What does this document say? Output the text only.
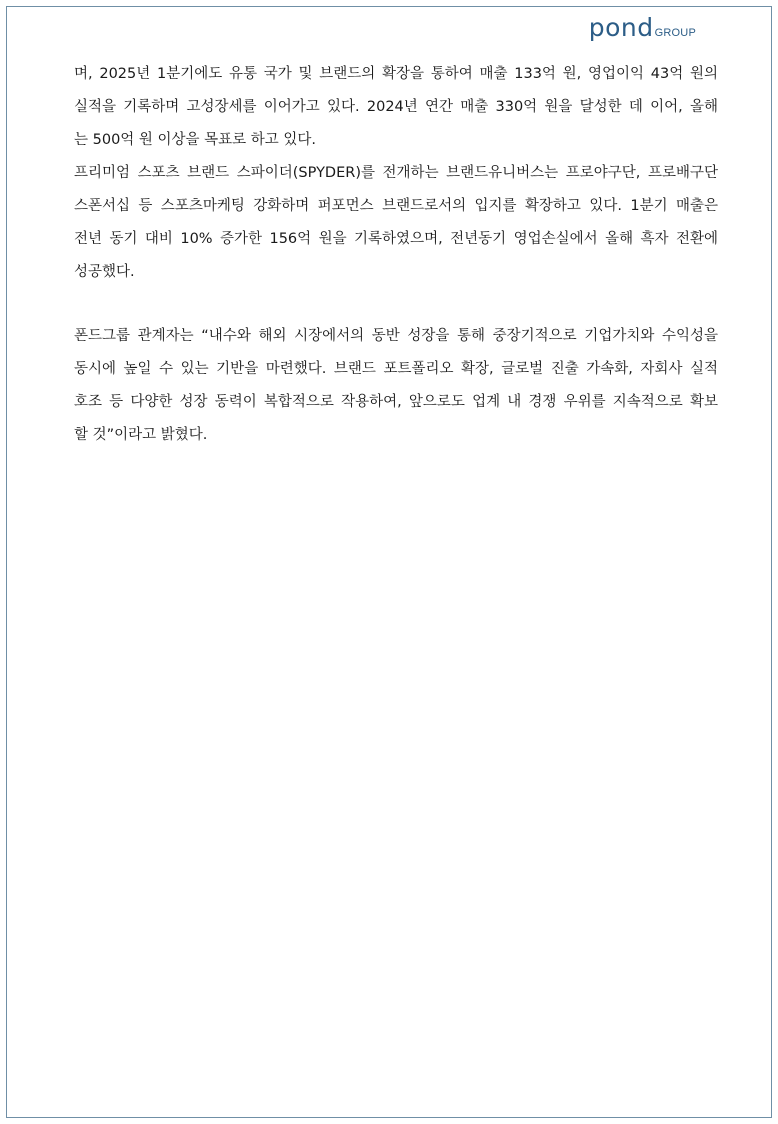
pond GROUP

며, 2025년 1분기에도 유통 국가 및 브랜드의 확장을 통하여 매출 133억 원, 영업이익 43억 원의
실적을 기록하며 고성장세를 이어가고 있다. 2024년 연간 매출 330억 원을 달성한 데 이어, 올해
는 500억 원 이상을 목표로 하고 있다.

프리미엄 스포츠 브랜드 스파이더(SPYDER)를 전개하는 브랜드유니버스는 프로야구단, 프로배구단
스폰서십 등 스포츠마케팅 강화하며 퍼포먼스 브랜드로서의 입지를 확장하고 있다. 1분기 매출은
전년 동기 대비 10% 증가한 156억 원을 기록하였으며, 전년동기 영업손실에서 올해 흑자 전환에
성공했다.

폰드그룹 관계자는 “내수와 해외 시장에서의 동반 성장을 통해 중장기적으로 기업가치와 수익성을
동시에 높일 수 있는 기반을 마련했다. 브랜드 포트폴리오 확장, 글로벌 진출 가속화, 자회사 실적
호조 등 다양한 성장 동력이 복합적으로 작용하여, 앞으로도 업계 내 경쟁 우위를 지속적으로 확보
할 것”이라고 밝혔다.
